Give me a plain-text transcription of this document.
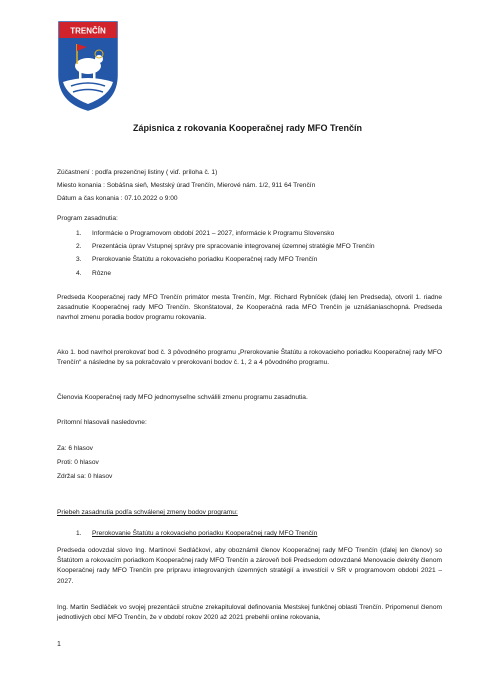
TRENČÍN
Zápisnica z rokovania Kooperačnej rady MFO Trenčín
Zúčastnení : podľa prezenčnej listiny ( viď. príloha č. 1)
Miesto konania : Sobášna sieň, Mestský úrad Trenčín, Mierové nám. 1/2, 911 64 Trenčín
Dátum a čas konania : 07.10.2022 o 9:00
Program zasadnutia:
1. Informácie o Programovom období 2021 – 2027, informácie k Programu Slovensko
2. Prezentácia úprav Vstupnej správy pre spracovanie integrovanej územnej stratégie MFO Trenčín
3. Prerokovanie Štatútu a rokovacieho poriadku Kooperačnej rady MFO Trenčín
4. Rôzne
Predseda Kooperačnej rady MFO Trenčín primátor mesta Trenčín, Mgr. Richard Rybníček (ďalej len Predseda), otvoril 1. riadne zasadnutie Kooperačnej rady MFO Trenčín. Skonštatoval, že Kooperačná rada MFO Trenčín je uznášaniaschopná. Predseda navrhol zmenu poradia bodov programu rokovania.
Ako 1. bod navrhol prerokovať bod č. 3 pôvodného programu „Prerokovanie Štatútu a rokovacieho poriadku Kooperačnej rady MFO Trenčín“ a následne by sa pokračovalo v prerokovaní bodov č. 1, 2 a 4 pôvodného programu.
Členovia Kooperačnej rady MFO jednomyseľne schválili zmenu programu zasadnutia.
Prítomní hlasovali nasledovne:
Za: 6 hlasov
Proti: 0 hlasov
Zdržal sa: 0 hlasov
Priebeh zasadnutia podľa schválenej zmeny bodov programu:
1. Prerokovanie Štatútu a rokovacieho poriadku Kooperačnej rady MFO Trenčín
Predseda odovzdal slovo Ing. Martinovi Sedláčkovi, aby oboznámil členov Kooperačnej rady MFO Trenčín (ďalej len členov) so Štatútom a rokovacím poriadkom Kooperačnej rady MFO Trenčín a zároveň boli Predsedom odovzdané Menovacie dekréty členom Kooperačnej rady MFO Trenčín pre prípravu integrovaných územných stratégií a investícií v SR v programovom období 2021 – 2027.
Ing. Martin Sedláček vo svojej prezentácii stručne zrekapituloval definovania Mestskej funkčnej oblasti Trenčín. Pripomenul členom jednotlivých obcí MFO Trenčín, že v období rokov 2020 až 2021 prebehli online rokovania,
1
